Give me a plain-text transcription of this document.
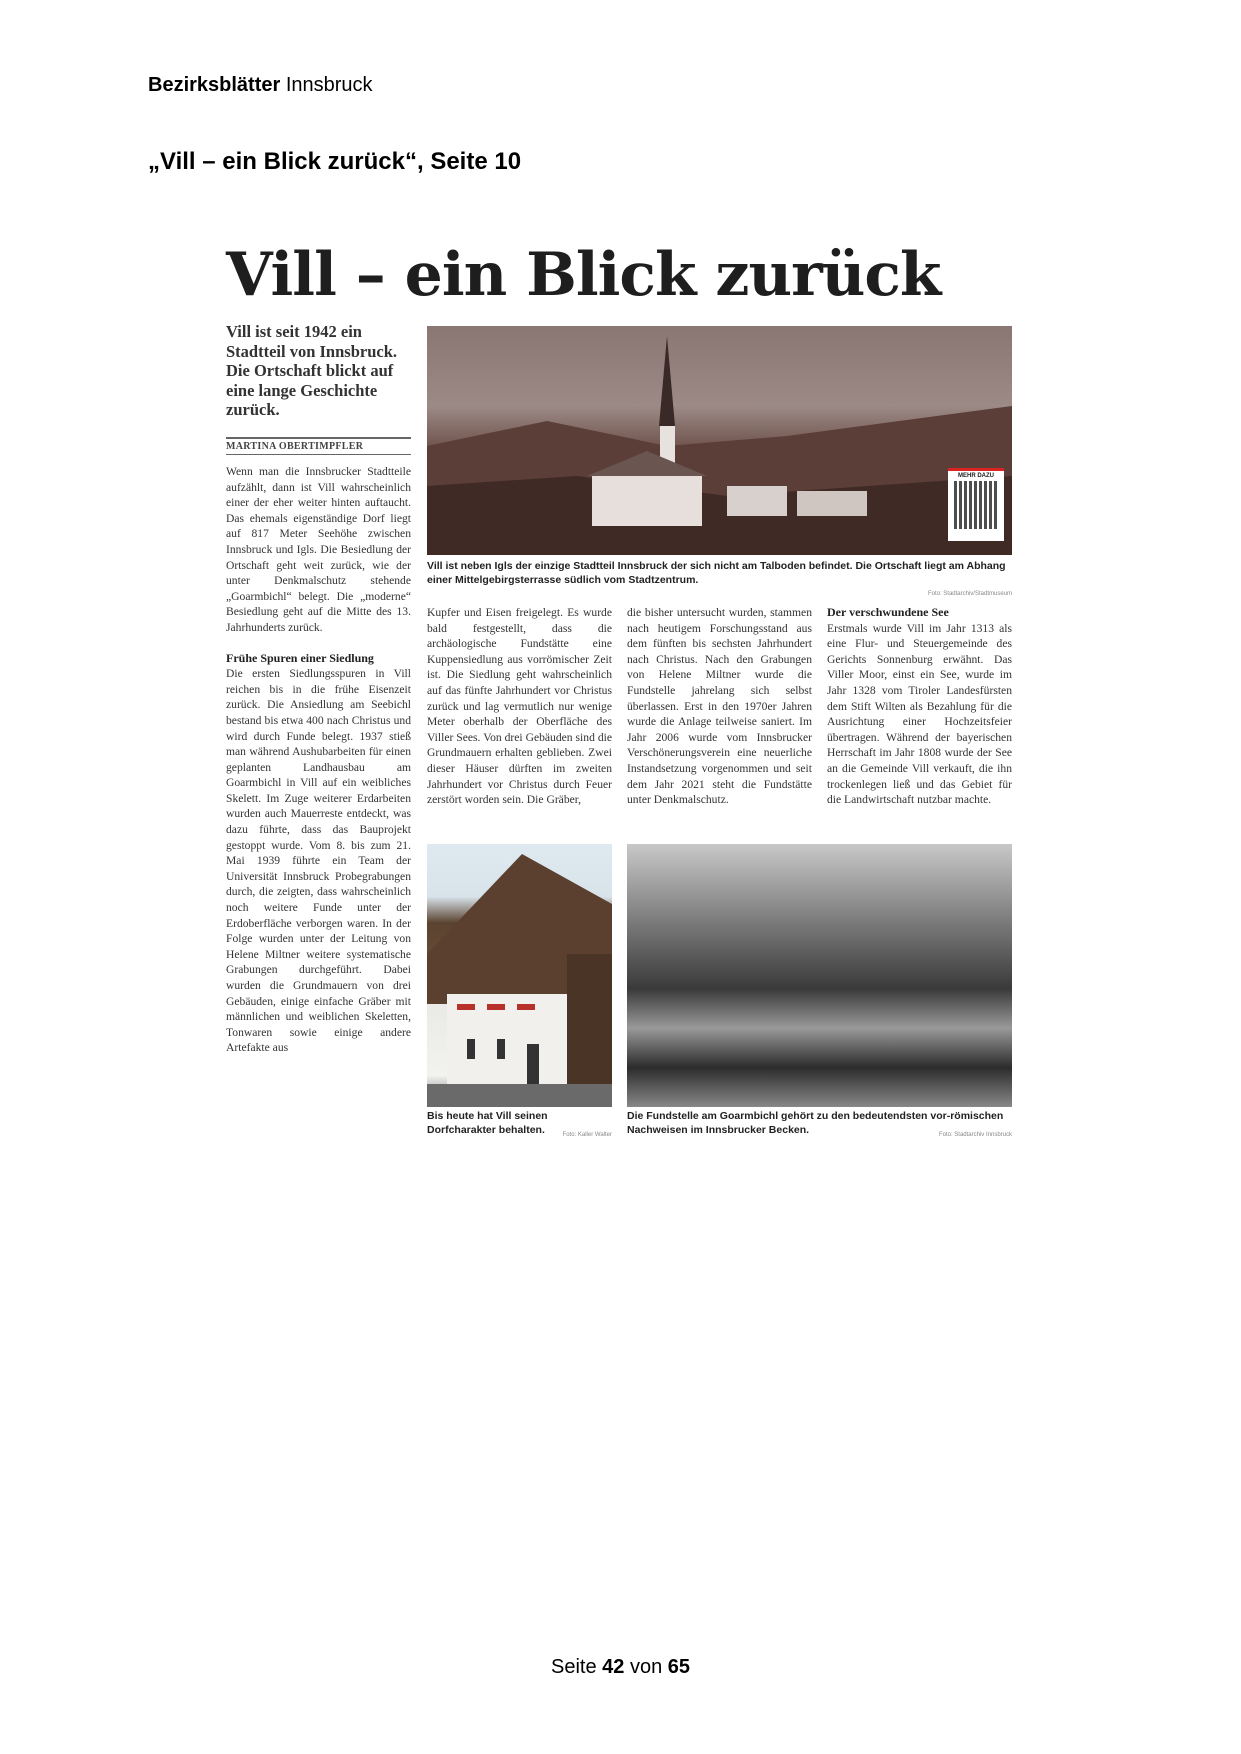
Bezirksblätter Innsbruck
„Vill – ein Blick zurück“, Seite 10
Vill – ein Blick zurück
Vill ist seit 1942 ein Stadtteil von Innsbruck. Die Ortschaft blickt auf eine lange Geschichte zurück.
MARTINA OBERTIMPFLER

Wenn man die Innsbrucker Stadtteile aufzählt, dann ist Vill wahrscheinlich einer der eher weiter hinten auftaucht. Das ehemals eigenständige Dorf liegt auf 817 Meter Seehöhe zwischen Innsbruck und Igls. Die Besiedlung der Ortschaft geht weit zurück, wie der unter Denkmalschutz stehende „Goarmbichl“ belegt. Die „moderne“ Besiedlung geht auf die Mitte des 13. Jahrhunderts zurück.

Frühe Spuren einer Siedlung

Die ersten Siedlungsspuren in Vill reichen bis in die frühe Eisenzeit zurück. Die Ansiedlung am Seebichl bestand bis etwa 400 nach Christus und wird durch Funde belegt. 1937 stieß man während Aushubarbeiten für einen geplanten Landhausbau am Goarmbichl in Vill auf ein weibliches Skelett. Im Zuge weiterer Erdarbeiten wurden auch Mauerreste entdeckt, was dazu führte, dass das Bauprojekt gestoppt wurde. Vom 8. bis zum 21. Mai 1939 führte ein Team der Universität Innsbruck Probegrabungen durch, die zeigten, dass wahrscheinlich noch weitere Funde unter der Erdoberfläche verborgen waren. In der Folge wurden unter der Leitung von Helene Miltner weitere systematische Grabungen durchgeführt. Dabei wurden die Grundmauern von drei Gebäuden, einige einfache Gräber mit männlichen und weiblichen Skeletten, Tonwaren sowie einige andere Artefakte aus

MEHR DAZU
Vill ist neben Igls der einzige Stadtteil Innsbruck der sich nicht am Talboden befindet. Die Ortschaft liegt am Abhang einer Mittelgebirgsterrasse südlich vom Stadtzentrum.
Foto: Stadtarchiv/Stadtmuseum

Kupfer und Eisen freigelegt. Es wurde bald festgestellt, dass die archäologische Fundstätte eine Kuppensiedlung aus vorrömischer Zeit ist. Die Siedlung geht wahrscheinlich auf das fünfte Jahrhundert vor Christus zurück und lag vermutlich nur wenige Meter oberhalb der Oberfläche des Viller Sees. Von drei Gebäuden sind die Grundmauern erhalten geblieben. Zwei dieser Häuser dürften im zweiten Jahrhundert vor Christus durch Feuer zerstört worden sein. Die Gräber,

die bisher untersucht wurden, stammen nach heutigem Forschungsstand aus dem fünften bis sechsten Jahrhundert nach Christus. Nach den Grabungen von Helene Miltner wurde die Fundstelle jahrelang sich selbst überlassen. Erst in den 1970er Jahren wurde die Anlage teilweise saniert. Im Jahr 2006 wurde vom Innsbrucker Verschönerungsverein eine neuerliche Instandsetzung vorgenommen und seit dem Jahr 2021 steht die Fundstätte unter Denkmalschutz.

Der verschwundene See

Erstmals wurde Vill im Jahr 1313 als eine Flur- und Steuergemeinde des Gerichts Sonnenburg erwähnt. Das Viller Moor, einst ein See, wurde im Jahr 1328 vom Tiroler Landesfürsten dem Stift Wilten als Bezahlung für die Ausrichtung einer Hochzeitsfeier übertragen. Während der bayerischen Herrschaft im Jahr 1808 wurde der See an die Gemeinde Vill verkauft, die ihn trockenlegen ließ und das Gebiet für die Landwirtschaft nutzbar machte.

Bis heute hat Vill seinen Dorfcharakter behalten.	Foto: Kaller Walter
Die Fundstelle am Goarmbichl gehört zu den bedeutendsten vor-römischen Nachweisen im Innsbrucker Becken.	Foto: Stadtarchiv Innsbruck
Seite 42 von 65
